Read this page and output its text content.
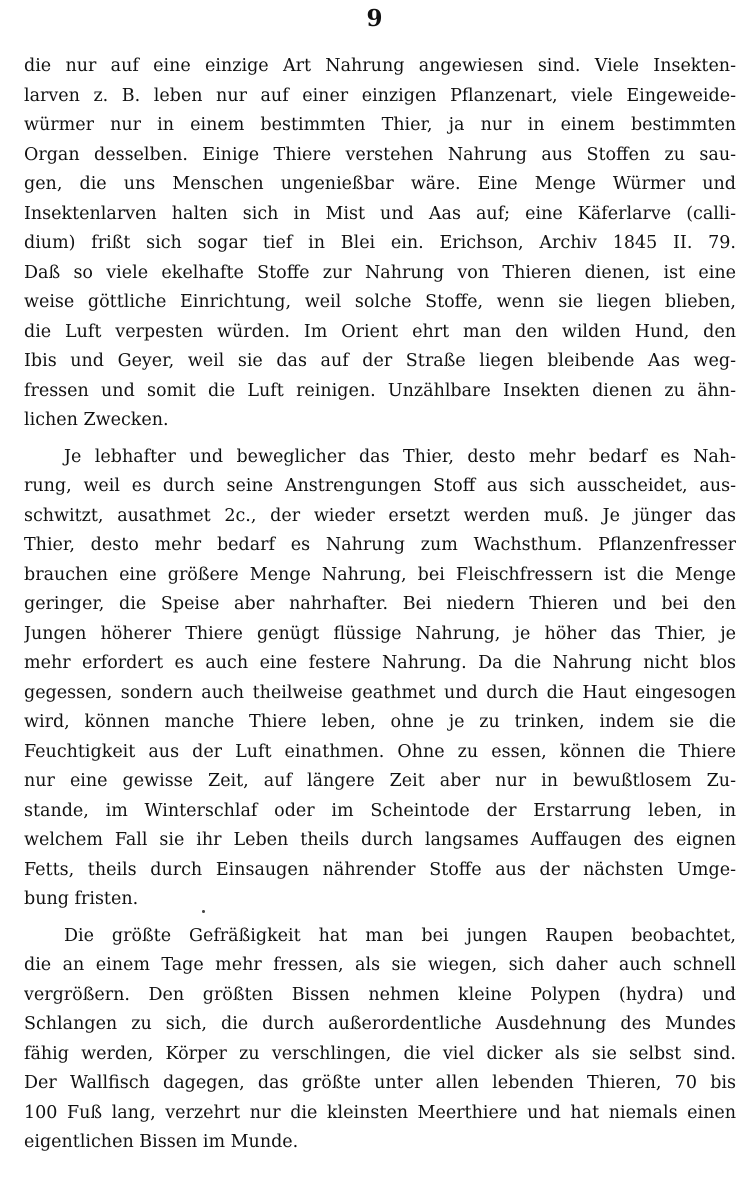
9
die nur auf eine einzige Art Nahrung angewiesen sind. Viele Insekten-
larven z. B. leben nur auf einer einzigen Pflanzenart, viele Eingeweide-
würmer nur in einem bestimmten Thier, ja nur in einem bestimmten
Organ desselben. Einige Thiere verstehen Nahrung aus Stoffen zu sau-
gen, die uns Menschen ungenießbar wäre. Eine Menge Würmer und
Insektenlarven halten sich in Mist und Aas auf; eine Käferlarve (calli-
dium) frißt sich sogar tief in Blei ein. Erichson, Archiv 1845 II. 79.
Daß so viele ekelhafte Stoffe zur Nahrung von Thieren dienen, ist eine
weise göttliche Einrichtung, weil solche Stoffe, wenn sie liegen blieben,
die Luft verpesten würden. Im Orient ehrt man den wilden Hund, den
Ibis und Geyer, weil sie das auf der Straße liegen bleibende Aas weg-
fressen und somit die Luft reinigen. Unzählbare Insekten dienen zu ähn-
lichen Zwecken.
Je lebhafter und beweglicher das Thier, desto mehr bedarf es Nah-
rung, weil es durch seine Anstrengungen Stoff aus sich ausscheidet, aus-
schwitzt, ausathmet 2c., der wieder ersetzt werden muß. Je jünger das
Thier, desto mehr bedarf es Nahrung zum Wachsthum. Pflanzenfresser
brauchen eine größere Menge Nahrung, bei Fleischfressern ist die Menge
geringer, die Speise aber nahrhafter. Bei niedern Thieren und bei den
Jungen höherer Thiere genügt flüssige Nahrung, je höher das Thier, je
mehr erfordert es auch eine festere Nahrung. Da die Nahrung nicht blos
gegessen, sondern auch theilweise geathmet und durch die Haut eingesogen
wird, können manche Thiere leben, ohne je zu trinken, indem sie die
Feuchtigkeit aus der Luft einathmen. Ohne zu essen, können die Thiere
nur eine gewisse Zeit, auf längere Zeit aber nur in bewußtlosem Zu-
stande, im Winterschlaf oder im Scheintode der Erstarrung leben, in
welchem Fall sie ihr Leben theils durch langsames Auffaugen des eignen
Fetts, theils durch Einsaugen nährender Stoffe aus der nächsten Umge-
bung fristen.
Die größte Gefräßigkeit hat man bei jungen Raupen beobachtet,
die an einem Tage mehr fressen, als sie wiegen, sich daher auch schnell
vergrößern. Den größten Bissen nehmen kleine Polypen (hydra) und
Schlangen zu sich, die durch außerordentliche Ausdehnung des Mundes
fähig werden, Körper zu verschlingen, die viel dicker als sie selbst sind.
Der Wallfisch dagegen, das größte unter allen lebenden Thieren, 70 bis
100 Fuß lang, verzehrt nur die kleinsten Meerthiere und hat niemals einen
eigentlichen Bissen im Munde.
